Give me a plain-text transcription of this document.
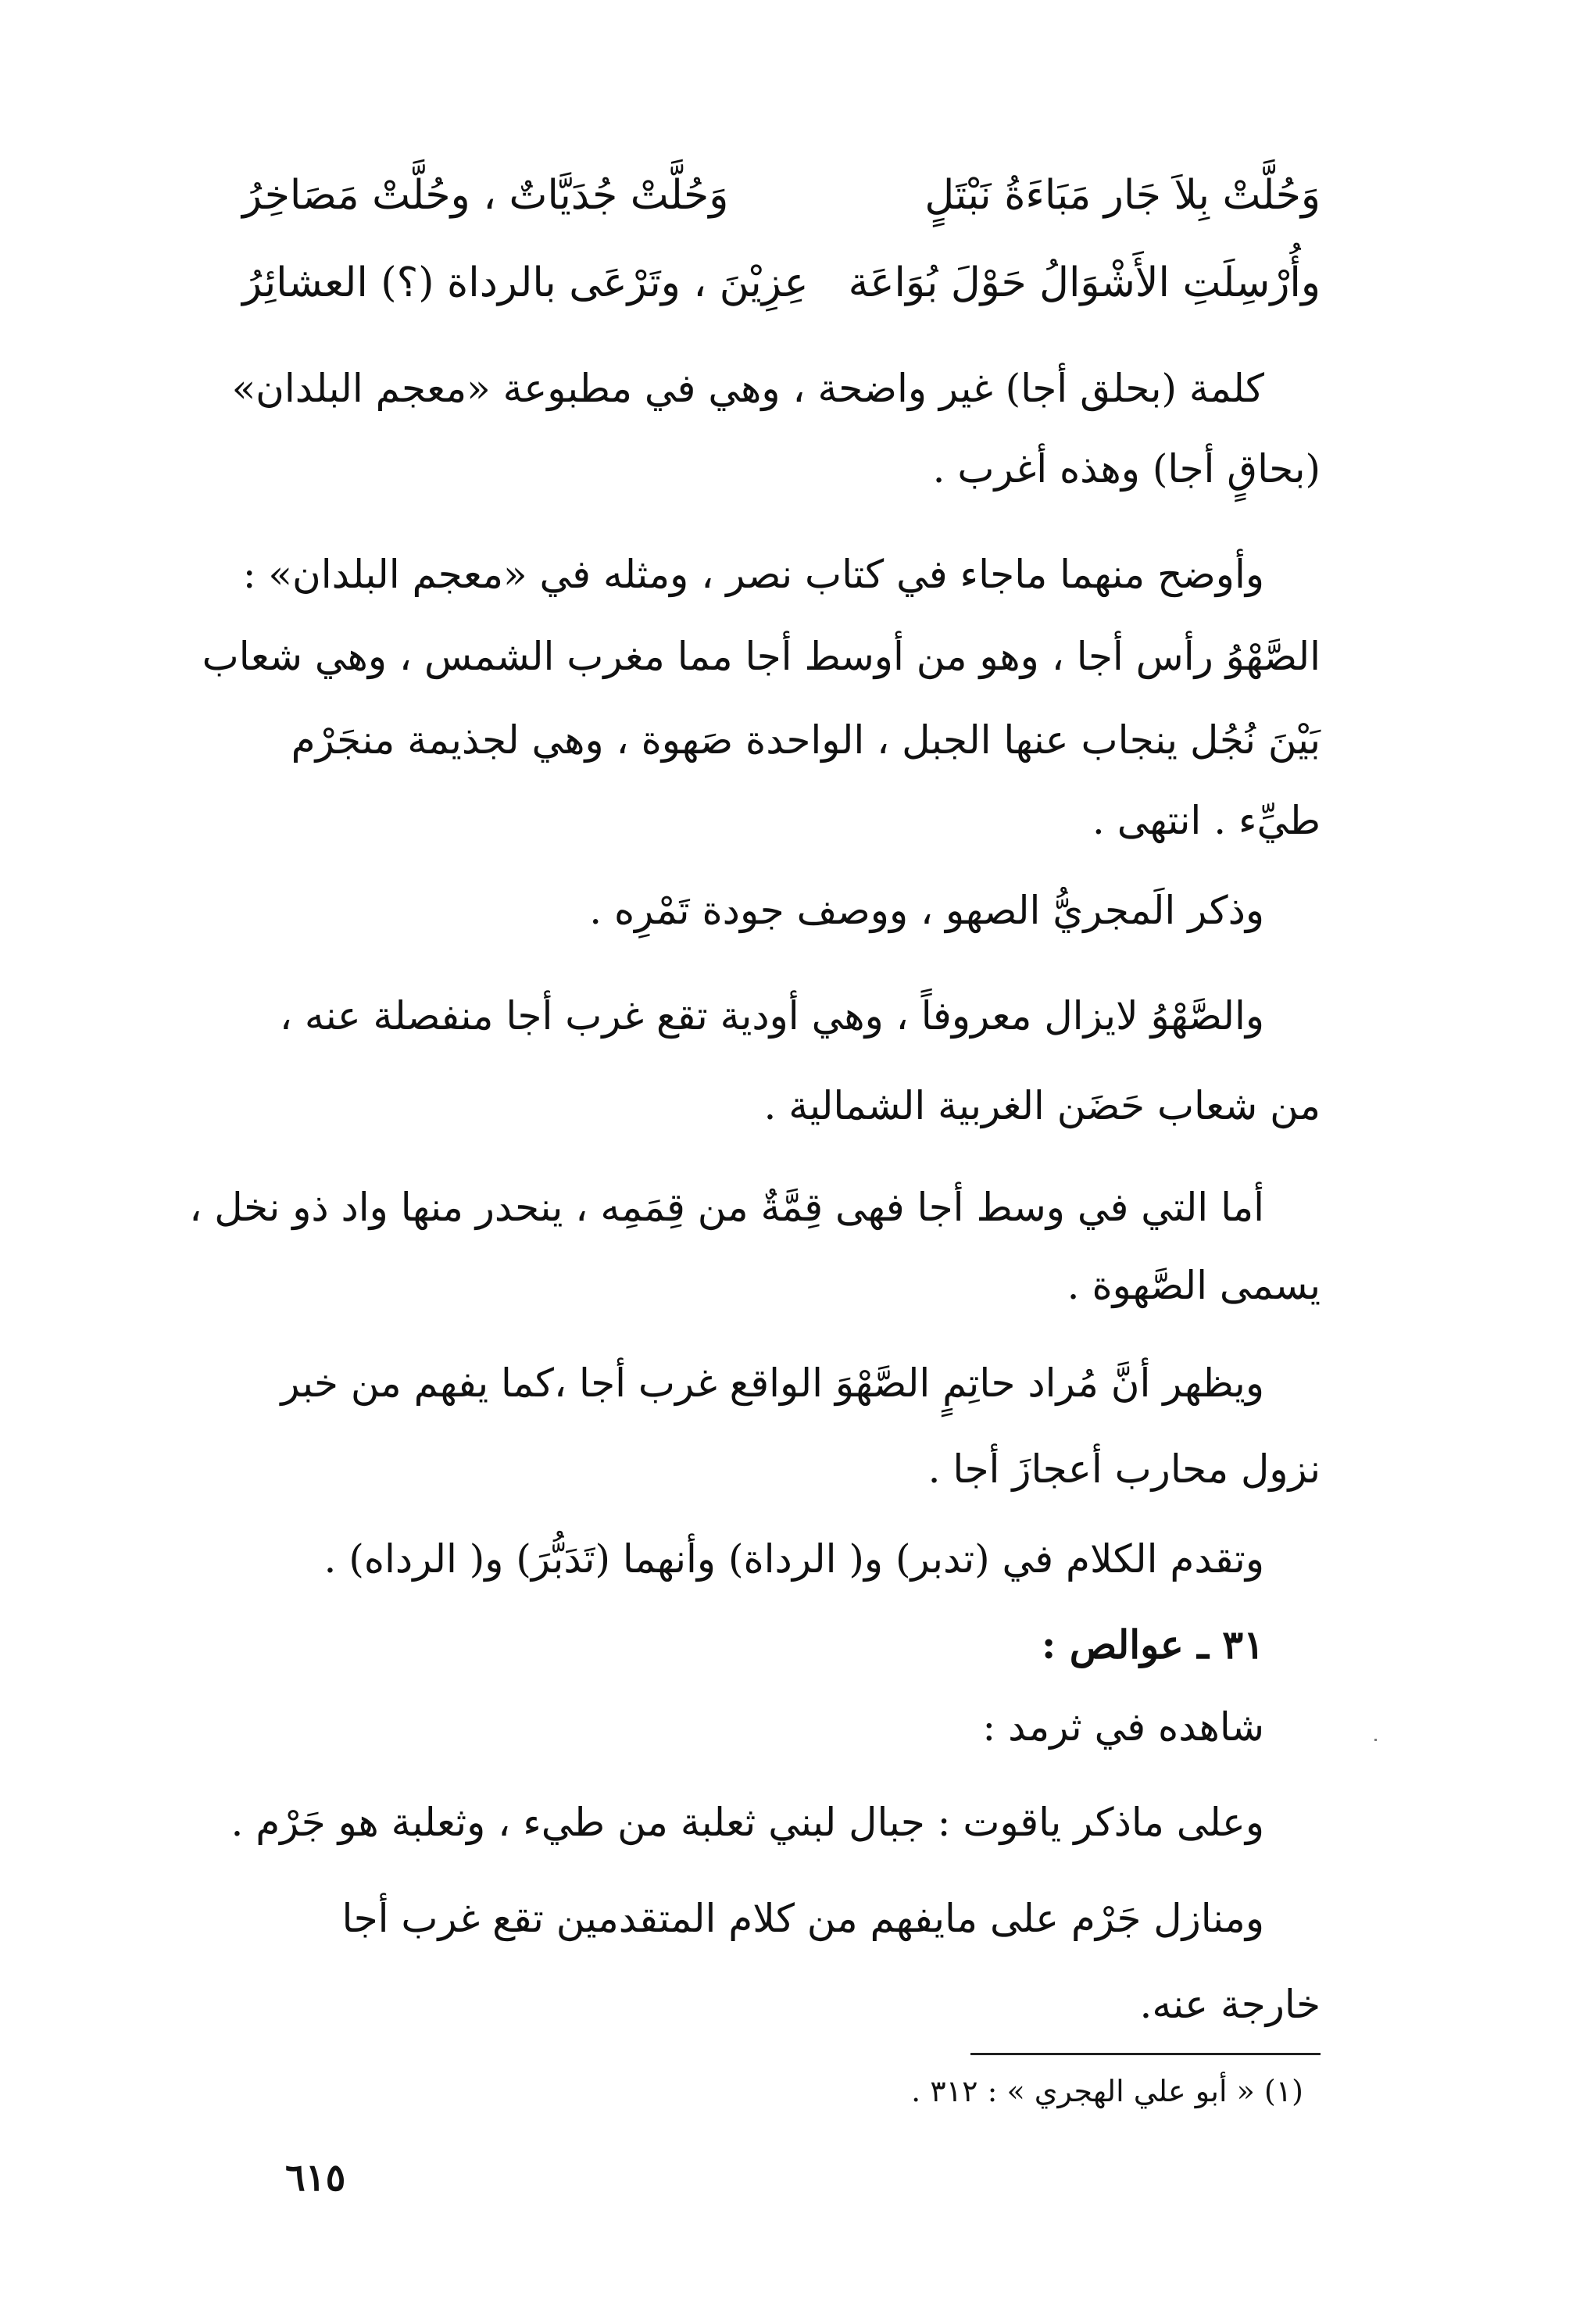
وَحُلَّتْ بِلاَ جَار مَبَاءَةُ نَبْتَلٍ
وَحُلَّتْ جُدَيَّاتٌ ، وحُلَّتْ مَصَاخِرُ
وأُرْسِلَتِ الأَشْوَالُ حَوْلَ بُوَاعَة
عِزِيْنَ ، وتَرْعَى بالرداة (؟) العشائِرُ
كلمة (بحلق أجا) غير واضحة ، وهي في مطبوعة «معجم البلدان»
(بحاقٍ أجا) وهذه أغرب .
وأوضح منهما ماجاء في كتاب نصر ، ومثله في «معجم البلدان» :
الصَّهْوُ رأس أجا ، وهو من أوسط أجا مما مغرب الشمس ، وهي شعاب
بَيْنَ نُجُل ينجاب عنها الجبل ، الواحدة صَهوة ، وهي لجذيمة منجَرْم
طيِّء . انتهى .
وذكر الَمجريُّ الصهو ، ووصف جودة تَمْرِه .
والصَّهْوُ لايزال معروفاً ، وهي أودية تقع غرب أجا منفصلة عنه ،
من شعاب حَضَن الغربية الشمالية .
أما التي في وسط أجا فهى قِمَّةٌ من قِمَمِه ، ينحدر منها واد ذو نخل ،
يسمى الصَّهوة .
ويظهر أنَّ مُراد حاتِمٍ الصَّهْوَ الواقع غرب أجا ،كما يفهم من خبر
نزول محارب أعجازَ أجا .
وتقدم الكلام في (تدبر) و( الرداة) وأنهما (تَدَبُّرَ) و( الرداه) .
٣١ ـ عوالص :
شاهده في ثرمد :
وعلى ماذكر ياقوت : جبال لبني ثعلبة من طيء ، وثعلبة هو جَرْم .
ومنازل جَرْم على مايفهم من كلام المتقدمين تقع غرب أجا
خارجة عنه.
(١) « أبو علي الهجري » : ٣١٢ .
٦١٥
